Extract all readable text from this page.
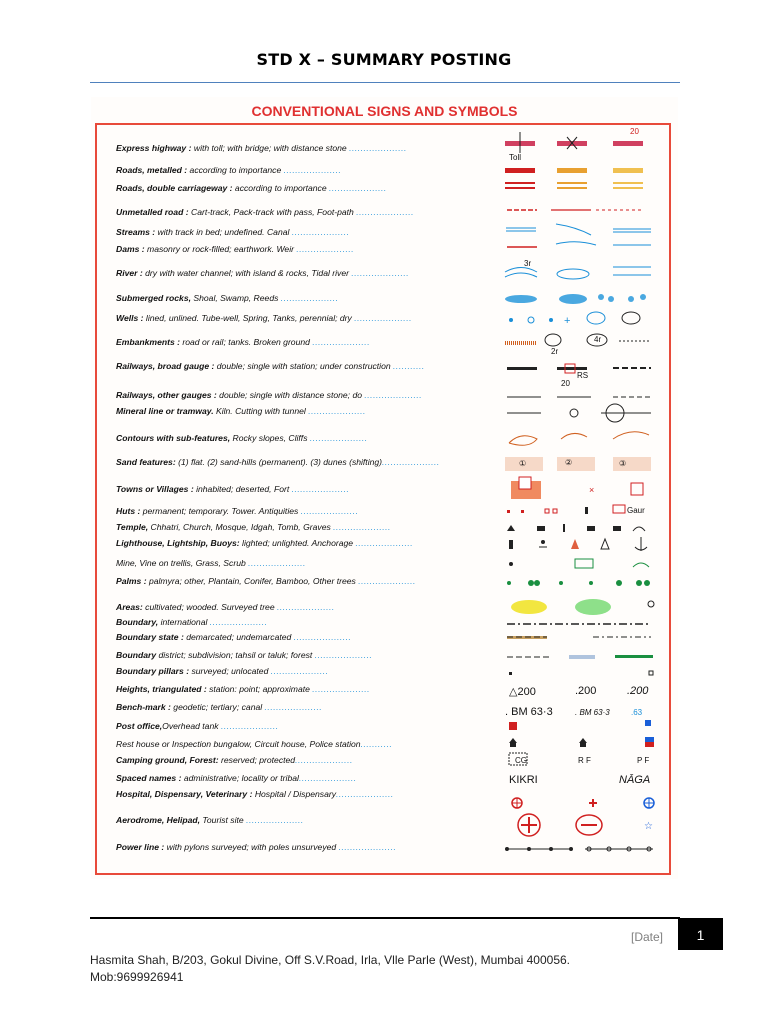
STD X – SUMMARY POSTING
CONVENTIONAL SIGNS AND SYMBOLS
Express highway : with toll; with bridge; with distance stone ....................
Roads, metalled : according to importance ....................
Roads, double carriageway : according to importance ....................
Unmetalled road : Cart-track, Pack-track with pass, Foot-path ....................
Streams : with track in bed; undefined. Canal ....................
Dams : masonry or rock-filled; earthwork. Weir ....................
River : dry with water channel; with island & rocks, Tidal river ....................
Submerged rocks, Shoal, Swamp, Reeds ....................
Wells : lined, unlined. Tube-well, Spring, Tanks, perennial; dry ....................
Embankments : road or rail; tanks. Broken ground ....................
Railways, broad gauge : double; single with station; under construction ...........
Railways, other gauges : double; single with distance stone; do ....................
Mineral line or tramway. Kiln. Cutting with tunnel ....................
Contours with sub-features, Rocky slopes, Cliffs ....................
Sand features: (1) flat. (2) sand-hills (permanent). (3) dunes (shifting)....................
Towns or Villages : inhabited; deserted, Fort ....................
Huts : permanent; temporary. Tower. Antiquities ....................
Temple, Chhatri, Church, Mosque, Idgah, Tomb, Graves ....................
Lighthouse, Lightship, Buoys: lighted; unlighted. Anchorage ....................
Mine, Vine on trellis, Grass, Scrub ....................
Palms : palmyra; other, Plantain, Conifer, Bamboo, Other trees ....................
Areas: cultivated; wooded. Surveyed tree ....................
Boundary, international ....................
Boundary state : demarcated; undemarcated ....................
Boundary district; subdivision; tahsil or taluk; forest ....................
Boundary pillars : surveyed; unlocated ....................
Heights, triangulated : station: point; approximate ....................
Bench-mark : geodetic; tertiary; canal ....................
Post office,Overhead tank ....................
Rest house or Inspection bungalow, Circuit house, Police station...........
Camping ground, Forest: reserved; protected....................
Spaced names : administrative; locality or tribal....................
Hospital, Dispensary, Veterinary : Hospital / Dispensary....................
Aerodrome, Helipad, Tourist site ....................
Power line : with pylons surveyed; with poles unsurveyed ....................
+
×
☆
Toll
20
3r
2r
4r
RS
20
Gaur
①	②	③
△200	.200	.200
. BM 63·3	. BM 63·3	.63
CG	R F	P F
KIKRI	NĀGA
[Date]	1
Hasmita Shah, B/203, Gokul Divine, Off S.V.Road, Irla, Vlle Parle (West), Mumbai 400056.
Mob:9699926941
